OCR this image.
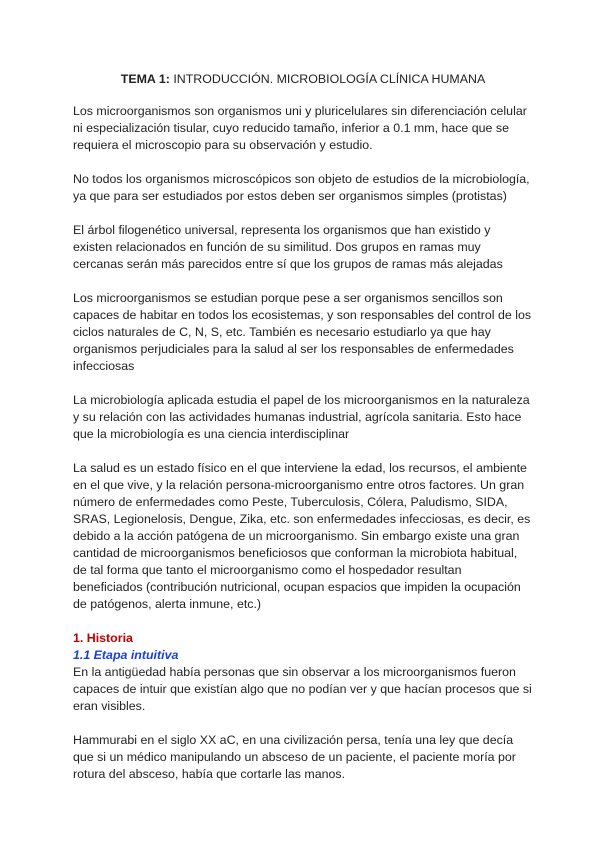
TEMA 1: INTRODUCCIÓN. MICROBIOLOGÍA CLÍNICA HUMANA

Los microorganismos son organismos uni y pluricelulares sin diferenciación celular ni especialización tisular, cuyo reducido tamaño, inferior a 0.1 mm, hace que se requiera el microscopio para su observación y estudio.

No todos los organismos microscópicos son objeto de estudios de la microbiología, ya que para ser estudiados por estos deben ser organismos simples (protistas)

El árbol filogenético universal, representa los organismos que han existido y existen relacionados en función de su similitud. Dos grupos en ramas muy cercanas serán más parecidos entre sí que los grupos de ramas más alejadas

Los microorganismos se estudian porque pese a ser organismos sencillos son capaces de habitar en todos los ecosistemas, y son responsables del control de los ciclos naturales de C, N, S, etc. También es necesario estudiarlo ya que hay organismos perjudiciales para la salud al ser los responsables de enfermedades infecciosas

La microbiología aplicada estudia el papel de los microorganismos en la naturaleza y su relación con las actividades humanas industrial, agrícola sanitaria. Esto hace que la microbiología es una ciencia interdisciplinar

La salud es un estado físico en el que interviene la edad, los recursos, el ambiente en el que vive, y la relación persona-microorganismo entre otros factores. Un gran número de enfermedades como Peste, Tuberculosis, Cólera, Paludismo, SIDA, SRAS, Legionelosis, Dengue, Zika, etc. son enfermedades infecciosas, es decir, es debido a la acción patógena de un microorganismo. Sin embargo existe una gran cantidad de microorganismos beneficiosos que conforman la microbiota habitual, de tal forma que tanto el microorganismo como el hospedador resultan beneficiados (contribución nutricional, ocupan espacios que impiden la ocupación de patógenos, alerta inmune, etc.)

1. Historia
1.1 Etapa intuitiva

En la antigüedad había personas que sin observar a los microorganismos fueron capaces de intuir que existían algo que no podían ver y que hacían procesos que si eran visibles.

Hammurabi en el siglo XX aC, en una civilización persa, tenía una ley que decía que si un médico manipulando un absceso de un paciente, el paciente moría por rotura del absceso, había que cortarle las manos.
